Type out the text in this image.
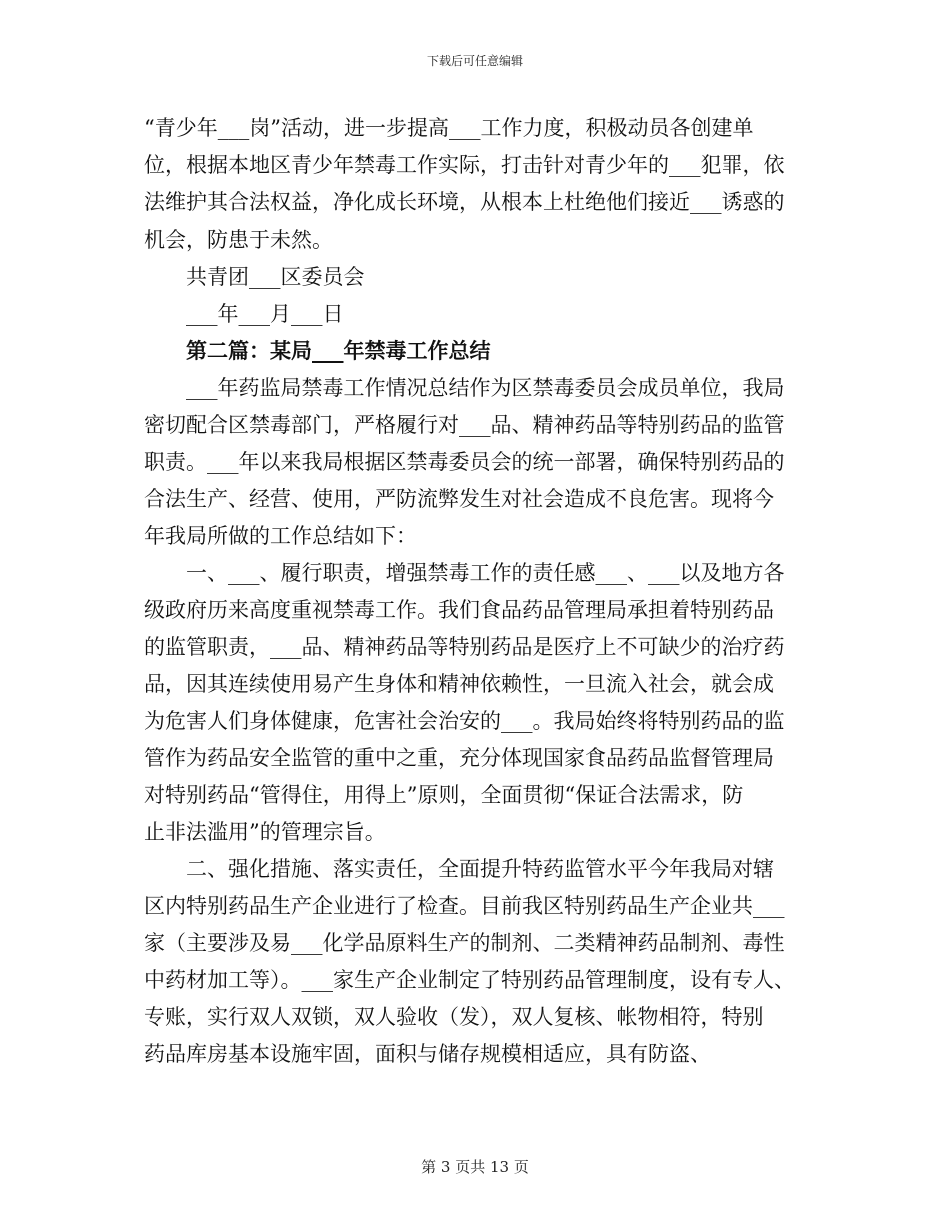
下载后可任意编辑
“青少年___岗”活动，进一步提高___工作力度，积极动员各创建单
位，根据本地区青少年禁毒工作实际，打击针对青少年的___犯罪，依
法维护其合法权益，净化成长环境，从根本上杜绝他们接近___诱惑的
机会，防患于未然。
共青团___区委员会
___年___月___日
第二篇：某局___年禁毒工作总结
___年药监局禁毒工作情况总结作为区禁毒委员会成员单位，我局
密切配合区禁毒部门，严格履行对___品、精神药品等特别药品的监管
职责。___年以来我局根据区禁毒委员会的统一部署，确保特别药品的
合法生产、经营、使用，严防流弊发生对社会造成不良危害。现将今
年我局所做的工作总结如下：
一、___、履行职责，增强禁毒工作的责任感___、___以及地方各
级政府历来高度重视禁毒工作。我们食品药品管理局承担着特别药品
的监管职责，___品、精神药品等特别药品是医疗上不可缺少的治疗药
品，因其连续使用易产生身体和精神依赖性，一旦流入社会，就会成
为危害人们身体健康，危害社会治安的___。我局始终将特别药品的监
管作为药品安全监管的重中之重，充分体现国家食品药品监督管理局
对特别药品“管得住，用得上”原则，全面贯彻“保证合法需求，防
止非法滥用”的管理宗旨。
二、强化措施、落实责任，全面提升特药监管水平今年我局对辖
区内特别药品生产企业进行了检查。目前我区特别药品生产企业共___
家（主要涉及易___化学品原料生产的制剂、二类精神药品制剂、毒性
中药材加工等）。___家生产企业制定了特别药品管理制度，设有专人、
专账，实行双人双锁，双人验收（发），双人复核、帐物相符，特别
药品库房基本设施牢固，面积与储存规模相适应，具有防盗、
第 3 页共 13 页
